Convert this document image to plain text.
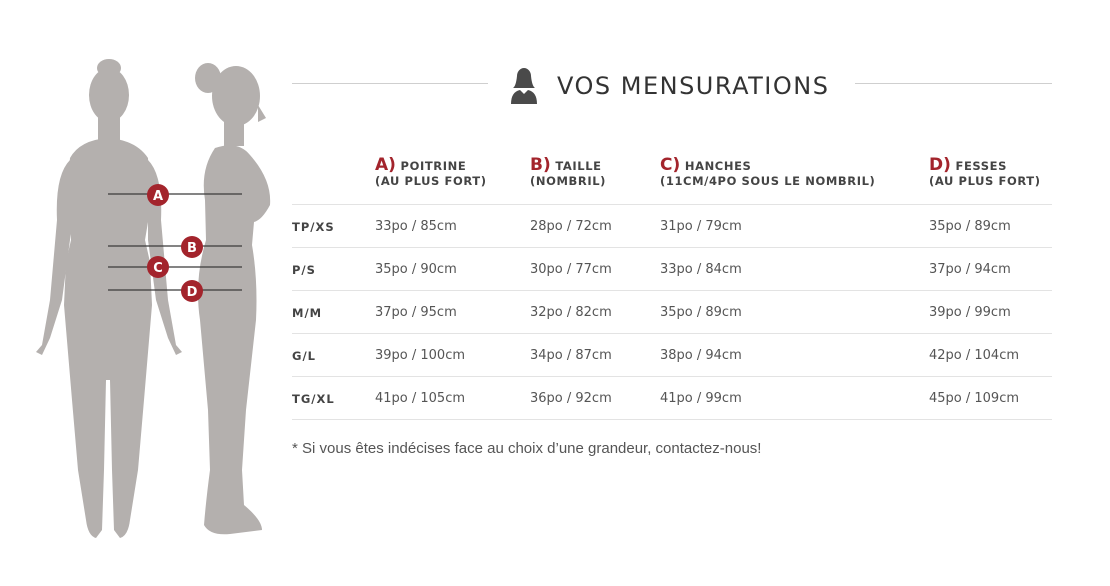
A
B
C
D
VOS MENSURATIONS
A) POITRINE
(AU PLUS FORT)
B) TAILLE
(NOMBRIL)
C) HANCHES
(11CM/4PO SOUS LE NOMBRIL)
D) FESSES
(AU PLUS FORT)
TP/XS	33po / 85cm	28po / 72cm	31po / 79cm	35po / 89cm
P/S	35po / 90cm	30po / 77cm	33po / 84cm	37po / 94cm
M/M	37po / 95cm	32po / 82cm	35po / 89cm	39po / 99cm
G/L	39po / 100cm	34po / 87cm	38po / 94cm	42po / 104cm
TG/XL	41po / 105cm	36po / 92cm	41po / 99cm	45po / 109cm
* Si vous êtes indécises face au choix d’une grandeur, contactez-nous!
